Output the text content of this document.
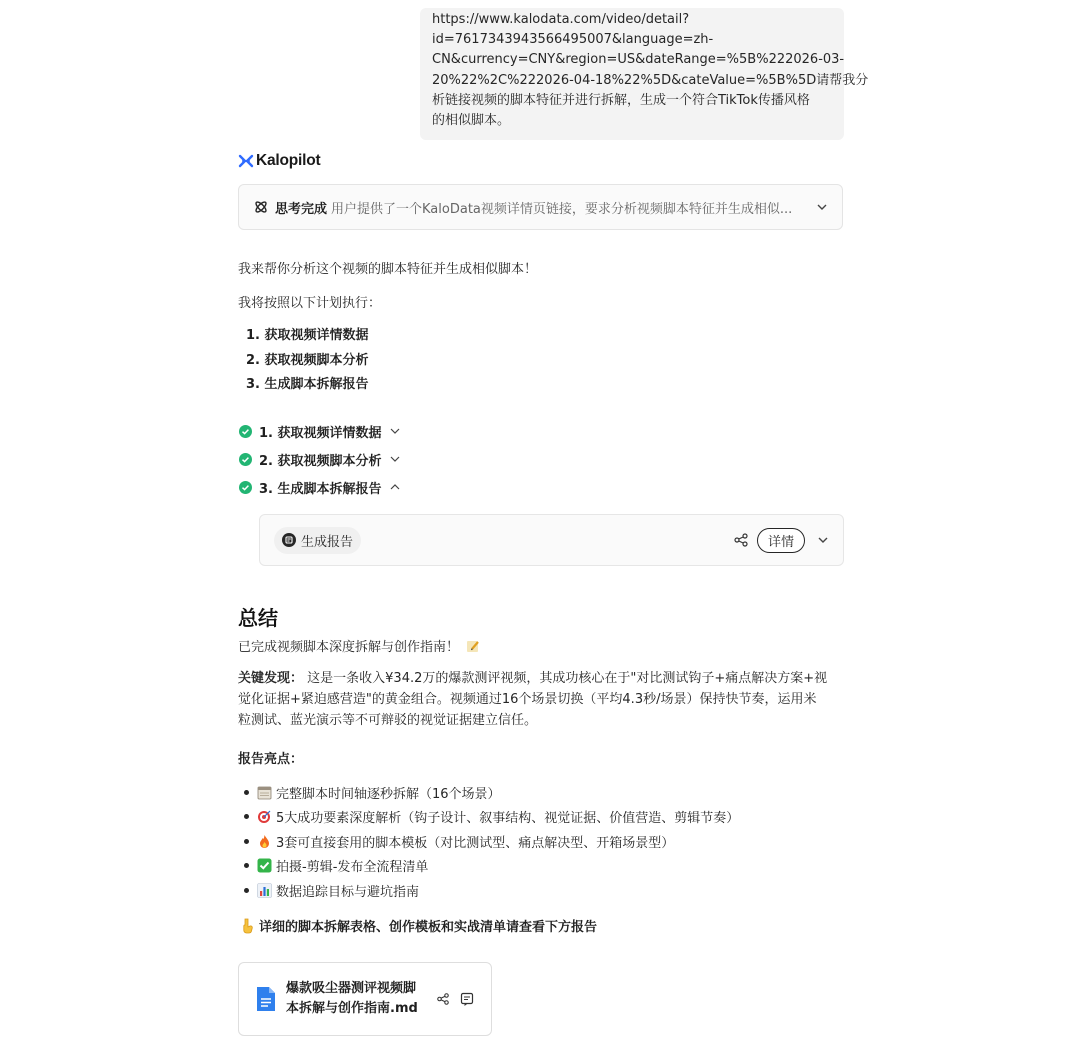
https://www.kalodata.com/video/detail?
id=7617343943566495007&language=zh-
CN&currency=CNY&region=US&dateRange=%5B%222026-03-
20%22%2C%222026-04-18%22%5D&cateValue=%5B%5D请帮我分
析链接视频的脚本特征并进行拆解，生成一个符合TikTok传播风格
的相似脚本。
Kalopilot
思考完成 用户提供了一个KaloData视频详情页链接，要求分析视频脚本特征并生成相似...
我来帮你分析这个视频的脚本特征并生成相似脚本！
我将按照以下计划执行：
1. 获取视频详情数据
2. 获取视频脚本分析
3. 生成脚本拆解报告
1. 获取视频详情数据
2. 获取视频脚本分析
3. 生成脚本拆解报告
生成报告	详情
总结
已完成视频脚本深度拆解与创作指南！
关键发现： 这是一条收入¥34.2万的爆款测评视频，其成功核心在于"对比测试钩子+痛点解决方案+视
觉化证据+紧迫感营造"的黄金组合。视频通过16个场景切换（平均4.3秒/场景）保持快节奏，运用米
粒测试、蓝光演示等不可辩驳的视觉证据建立信任。
报告亮点：
完整脚本时间轴逐秒拆解（16个场景）
5大成功要素深度解析（钩子设计、叙事结构、视觉证据、价值营造、剪辑节奏）
3套可直接套用的脚本模板（对比测试型、痛点解决型、开箱场景型）
拍摄-剪辑-发布全流程清单
数据追踪目标与避坑指南
详细的脚本拆解表格、创作模板和实战清单请查看下方报告
爆款吸尘器测评视频脚
本拆解与创作指南.md
